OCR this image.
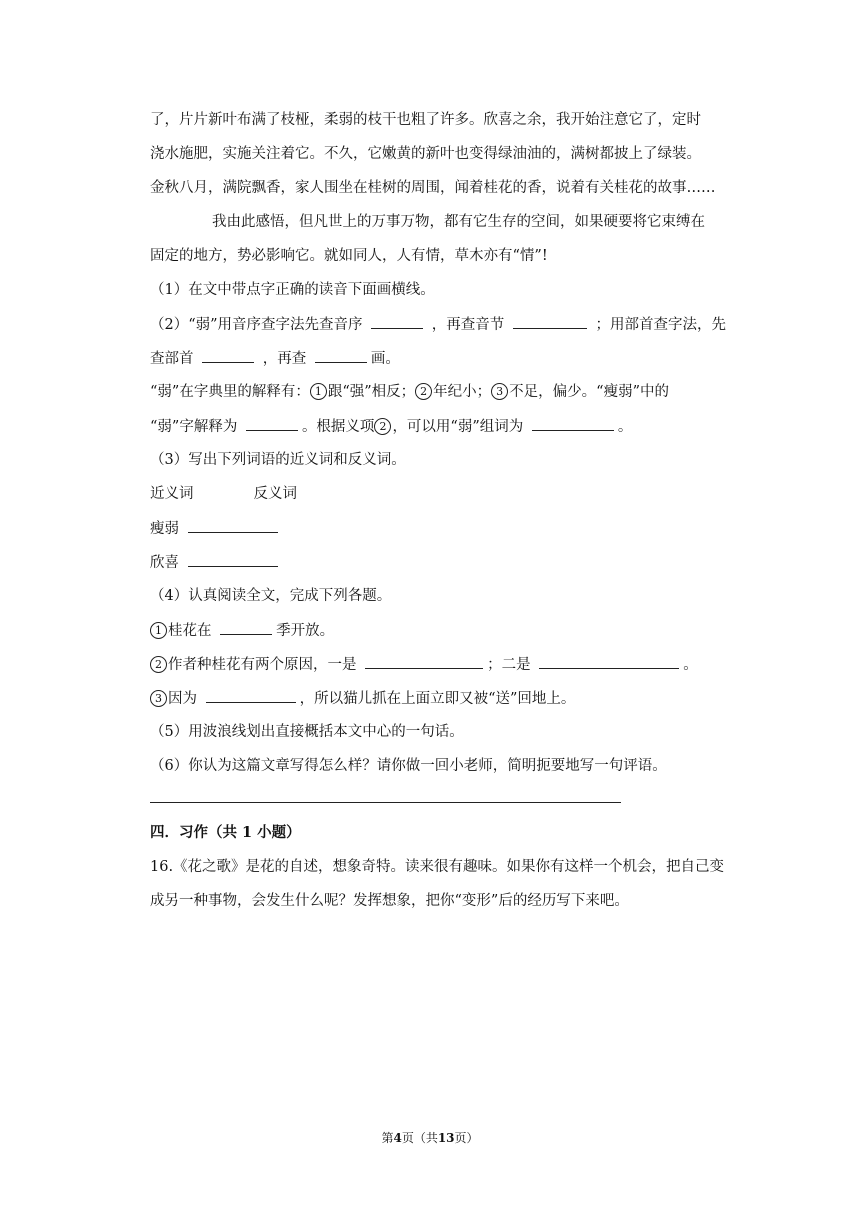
了，片片新叶布满了枝桠，柔弱的枝干也粗了许多。欣喜之余，我开始注意它了，定时
浇水施肥，实施关注着它。不久，它嫩黄的新叶也变得绿油油的，满树都披上了绿装。
金秋八月，满院飘香，家人围坐在桂树的周围，闻着桂花的香，说着有关桂花的故事……
我由此感悟，但凡世上的万事万物，都有它生存的空间，如果硬要将它束缚在
固定的地方，势必影响它。就如同人，人有情，草木亦有“情”!
（1）在文中带点字正确的读音下面画横线。
（2）“弱”用音序查字法先查音序	，再查音节	；用部首查字法，先
查部首	，再查	画。
“弱”在字典里的解释有： 1 跟“强”相反； 2 年纪小； 3 不足，偏少。“瘦弱”中的
“弱”字解释为	。根据义项 2 ，可以用“弱”组词为	。
（3）写出下列词语的近义词和反义词。
近义词	反义词
瘦弱
欣喜
（4）认真阅读全文，完成下列各题。
1 桂花在	季开放。
2 作者种桂花有两个原因，一是	；二是	。
3 因为	，所以猫儿抓在上面立即又被“送”回地上。
（5）用波浪线划出直接概括本文中心的一句话。
（6）你认为这篇文章写得怎么样？请你做一回小老师，简明扼要地写一句评语。
四．习作（共 1 小题）
16.《花之歌》是花的自述，想象奇特。读来很有趣味。如果你有这样一个机会，把自己变
成另一种事物，会发生什么呢？发挥想象，把你“变形”后的经历写下来吧。
第4页（共13页）
